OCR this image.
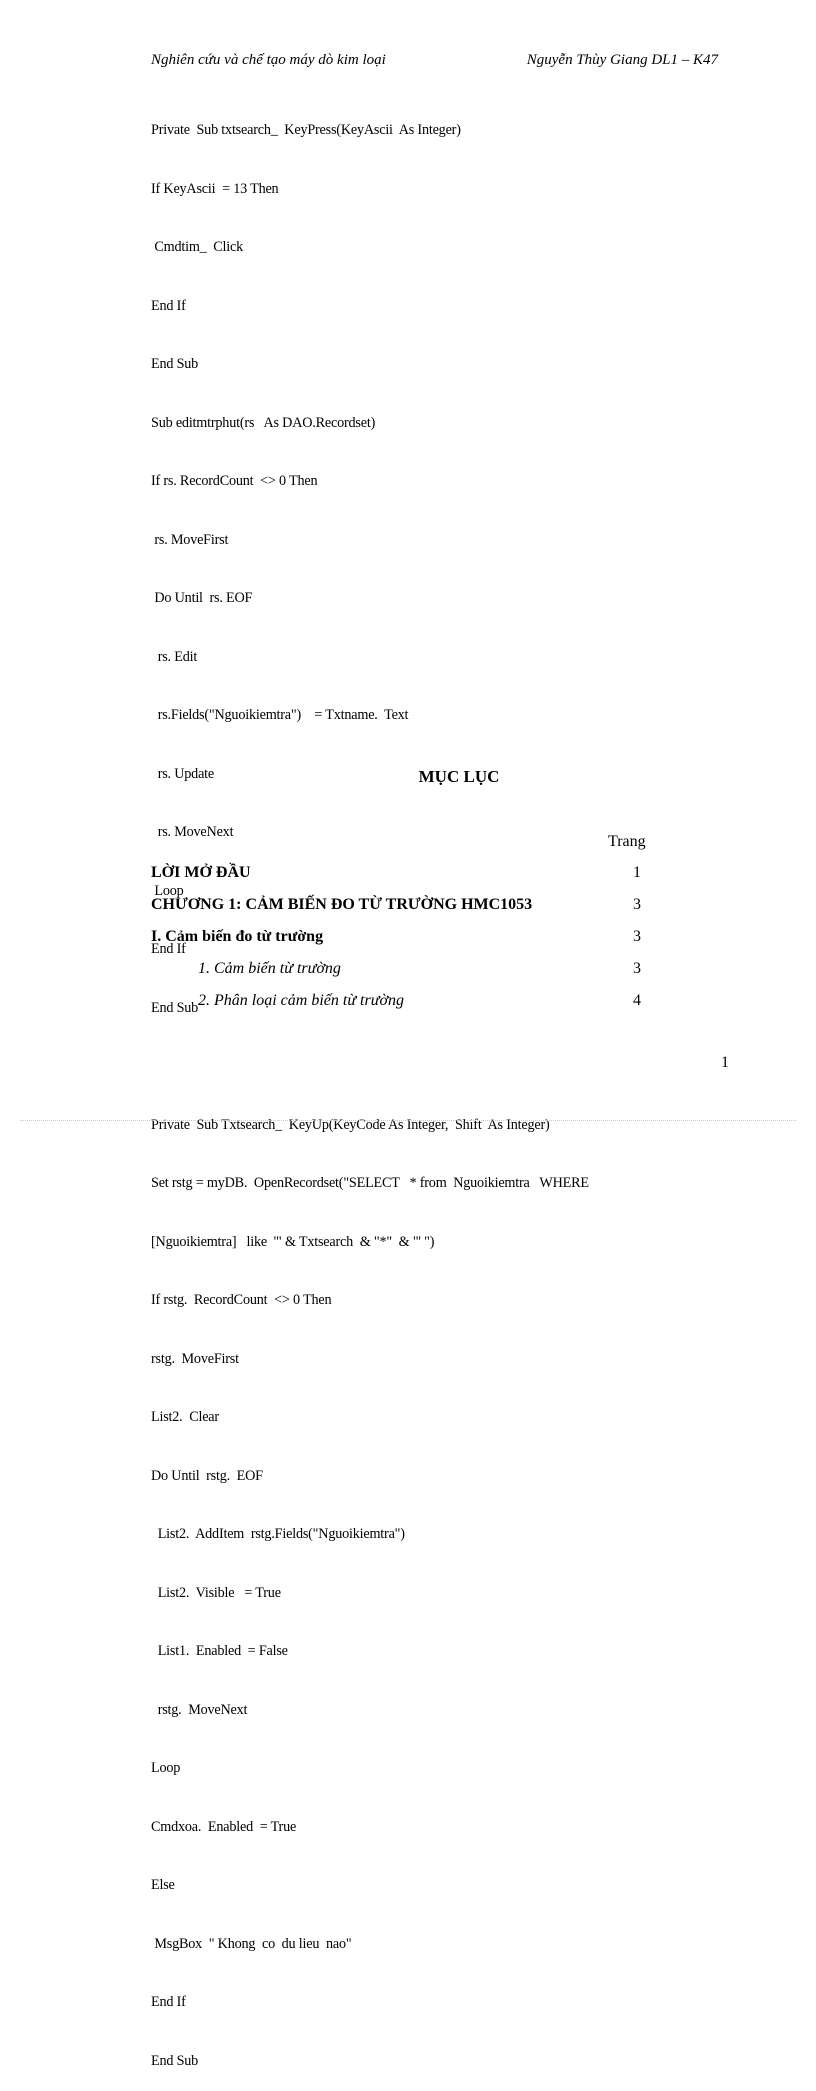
Nghiên cứu và chế tạo máy dò kim loại	Nguyễn Thùy Giang DL1 – K47

Private  Sub txtsearch_  KeyPress(KeyAscii  As Integer)

If KeyAscii  = 13 Then

Cmdtim_  Click

End If

End Sub

Sub editmtrphut(rs   As DAO.Recordset)

If rs. RecordCount  <> 0 Then

rs. MoveFirst

Do Until  rs. EOF

rs. Edit

rs.Fields("Nguoikiemtra")    = Txtname.  Text

rs. Update

rs. MoveNext

Loop

End If

End Sub

Private  Sub Txtsearch_  KeyUp(KeyCode As Integer,  Shift  As Integer)

Set rstg = myDB.  OpenRecordset("SELECT   * from  Nguoikiemtra   WHERE

[Nguoikiemtra]   like  '" & Txtsearch  & "*"  & "' ")

If rstg.  RecordCount  <> 0 Then

rstg.  MoveFirst

List2.  Clear

Do Until  rstg.  EOF

List2.  AddItem  rstg.Fields("Nguoikiemtra")

List2.  Visible   = True

List1.  Enabled  = False

rstg.  MoveNext

Loop

Cmdxoa.  Enabled  = True

Else

MsgBox  " Khong  co  du lieu  nao"

End If

End Sub

MỤC LỤC
Trang
LỜI MỞ ĐẦU	1
CHƯƠNG 1: CẢM BIẾN ĐO TỪ TRƯỜNG HMC1053	3
I. Cảm biến đo từ trường	3
1. Cảm biến từ trường	3
2. Phân loại cảm biến từ trường	4
1
